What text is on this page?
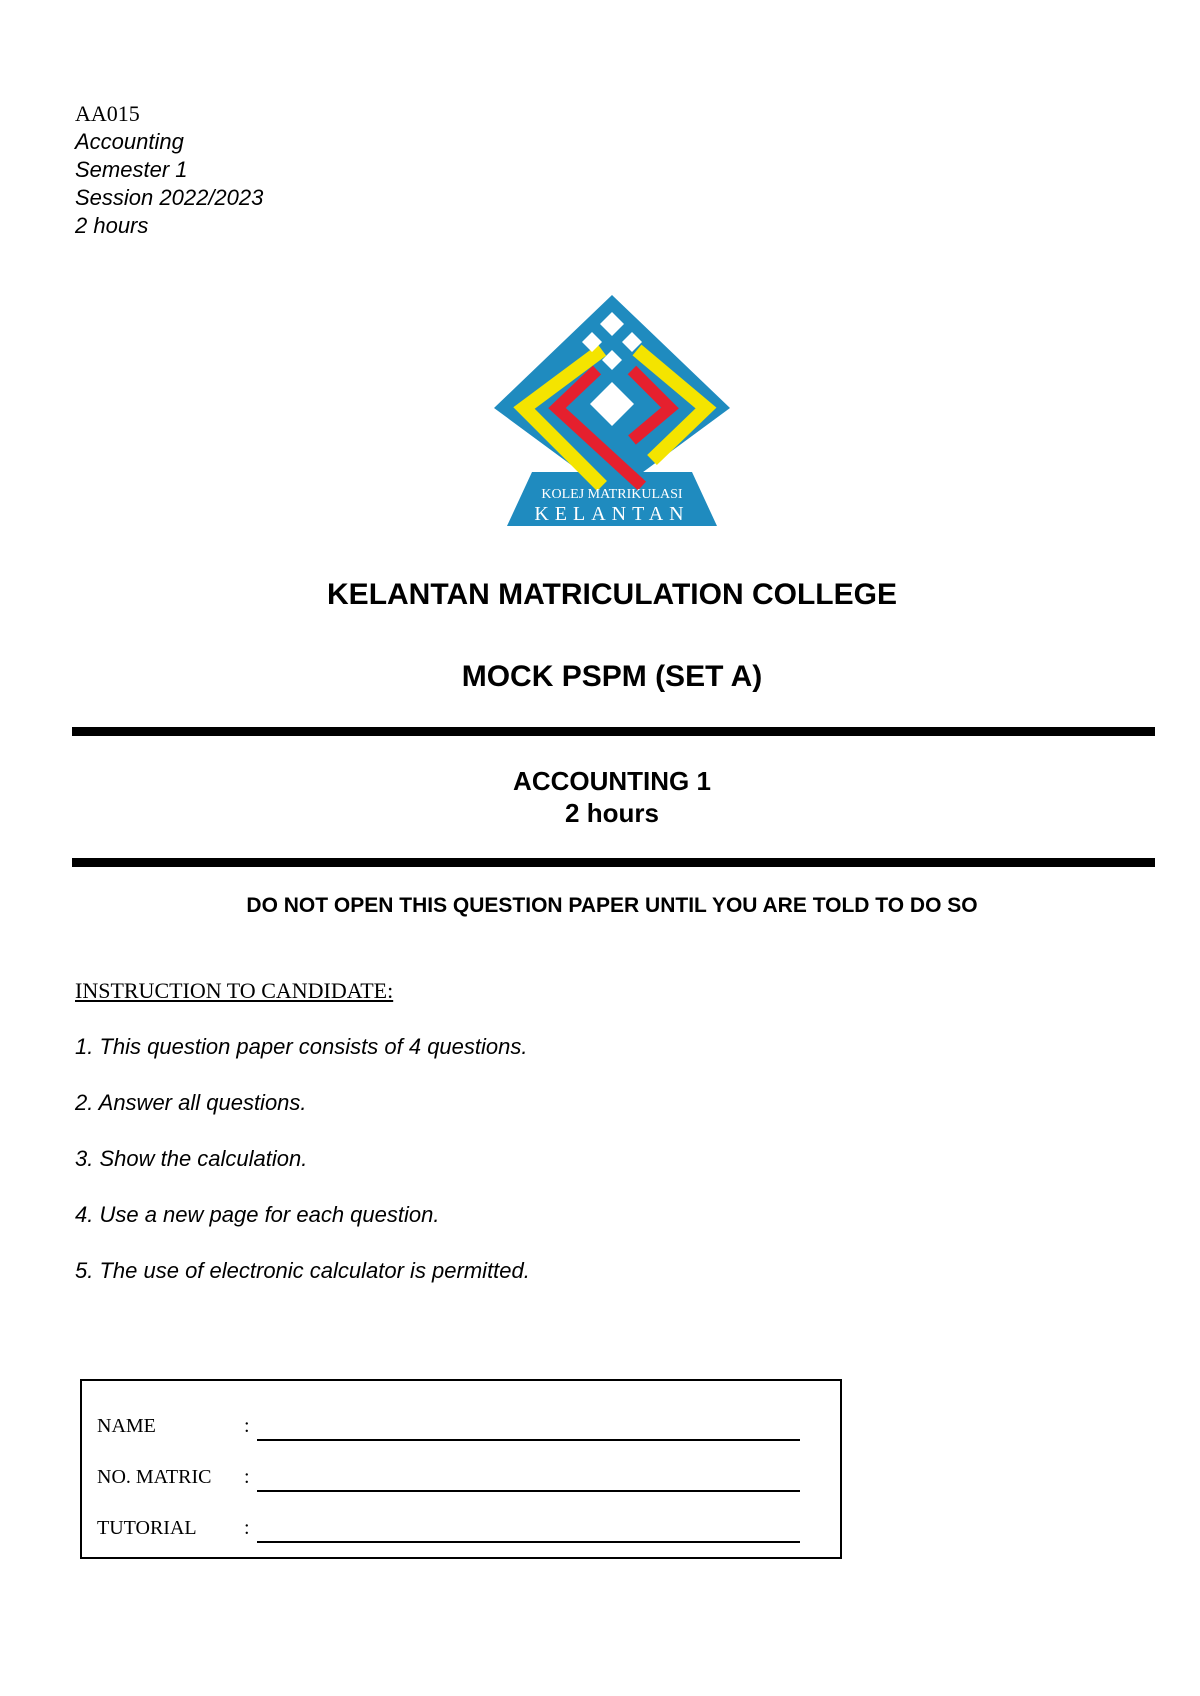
AA015
Accounting
Semester 1
Session 2022/2023
2 hours
KOLEJ MATRIKULASI
KELANTAN
KELANTAN MATRICULATION COLLEGE
MOCK PSPM (SET A)
ACCOUNTING 1
2 hours
DO NOT OPEN THIS QUESTION PAPER UNTIL YOU ARE TOLD TO DO SO
INSTRUCTION TO CANDIDATE:
1. This question paper consists of 4 questions.
2. Answer all questions.
3. Show the calculation.
4. Use a new page for each question.
5. The use of electronic calculator is permitted.
NAME	:
NO. MATRIC :
TUTORIAL :
